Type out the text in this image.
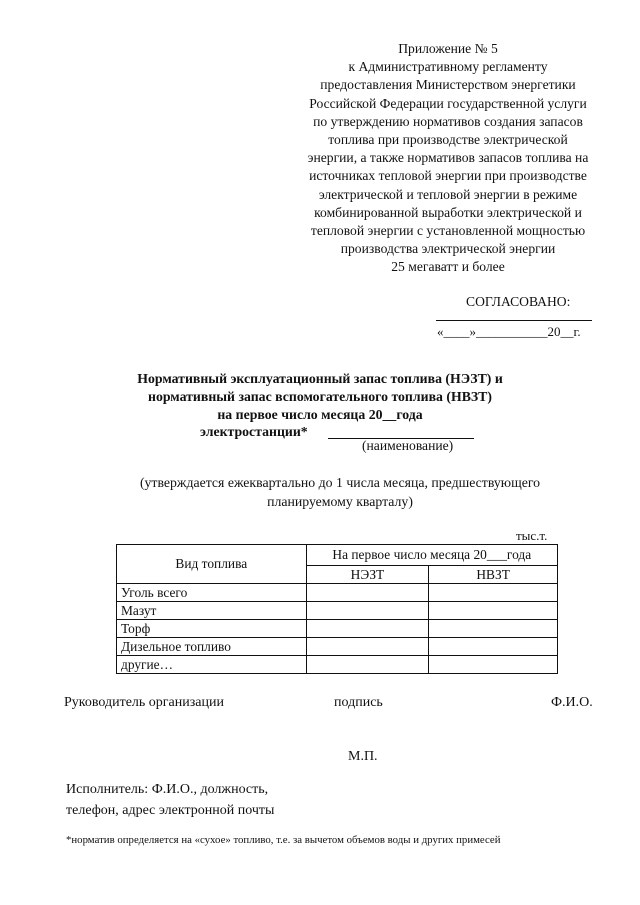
Приложение № 5
к Административному регламенту
предоставления Министерством энергетики
Российской Федерации государственной услуги
по утверждению нормативов создания запасов
топлива при производстве электрической
энергии, а также нормативов запасов топлива на
источниках тепловой энергии при производстве
электрической и тепловой энергии в режиме
комбинированной выработки электрической и
тепловой энергии с установленной мощностью
производства электрической энергии
25 мегаватт и более
СОГЛАСОВАНО:
«____»___________20__г.
Нормативный эксплуатационный запас топлива (НЭЗТ) и
нормативный запас вспомогательного топлива (НВЗТ)
на первое число месяца 20__года
электростанции*
(наименование)
(утверждается ежеквартально до 1 числа месяца, предшествующего
планируемому кварталу)
тыс.т.
Вид топлива	На первое число месяца 20___года	
	НЭЗТ	НВЗТ
Уголь всего		
Мазут		
Торф		
Дизельное топливо		
другие…		
Руководитель организации	подпись	Ф.И.О.
М.П.
Исполнитель: Ф.И.О., должность,
телефон, адрес электронной почты
*норматив определяется на «сухое» топливо, т.е. за вычетом объемов воды и других примесей
